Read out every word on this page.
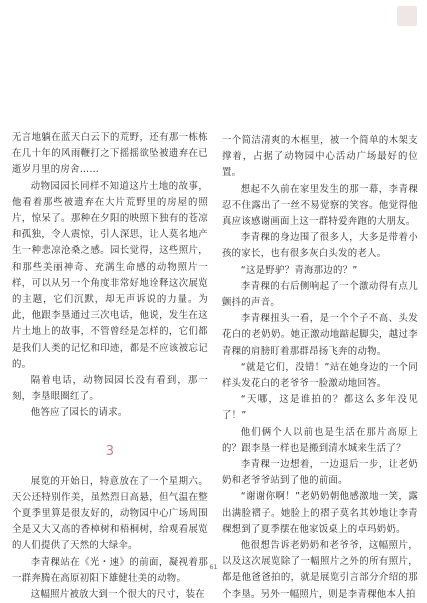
无言地躺在蓝天白云下的荒野，还有那一栋栋在几十年的风雨鞭打之下摇摇欲坠被遗弃在已逝岁月里的房舍……

动物园园长同样不知道这片土地的故事，他看着那些被遗弃在大片荒野里的房屋的照片，惊呆了。那种在夕阳的映照下独有的苍凉和孤独，令人震惊，引人深思，让人莫名地产生一种悲凉沧桑之感。园长觉得，这些照片，和那些美丽神奇、充满生命感的动物照片一样，可以从另一个角度非常好地诠释这次展览的主题，它们沉默，却无声诉说的力量。为此，他跟李垦通过三次电话，他说，发生在这片土地上的故事，不管曾经是怎样的，它们都是我们人类的记忆和印迹，都是不应该被忘记的。

隔着电话，动物园园长没有看到，那一刻，李垦眼圈红了。

他答应了园长的请求。

3

展览的开始日，特意放在了一个星期六。天公还特别作美，虽然烈日高悬，但气温在整个夏季里算是很友好的，动物园中心广场周围全是又大又高的香樟树和梧桐树，给观看展览的人们提供了天然的大绿伞。

李青稞站在《光・速》的前面，凝视着那一群奔腾在高原初阳下雄健壮美的动物。

这幅照片被放大到一个很大的尺寸，装在

一个简洁清爽的木框里，被一个简单的木架支撑着，占据了动物园中心活动广场最好的位置。

想起不久前在家里发生的那一幕，李青稞忍不住露出了一丝不易觉察的笑容。他觉得他真应该感谢画面上这一群特爱奔跑的大朋友。

李青稞的身边围了很多人，大多是带着小孩的家长，也有很多灰白头发的老人。

“这是野驴？青海那边的？”

李青稞的右后侧响起了一个激动得有点儿颤抖的声音。

李青稞扭头一看，是一个个子不高、头发花白的老奶奶。她正激动地踮起脚尖，越过李青稞的肩膀盯着那群昂扬飞奔的动物。

“就是它们，没错！”站在她身边的一个同样头发花白的老爷爷一脸激动地回答。

“天哪，这是谁拍的？都这么多年没见了！”

他们俩个人以前也是生活在那片高原上的？跟李垦一样也是搬到清水城来生活了？

李青稞一边想着，一边退后一步，让老奶奶和老爷爷站到了他的前面。

“谢谢你啊！”老奶奶朝他感激地一笑，露出满脸褶子。她脸上的褶子莫名其妙地让李青稞想到了夏季摆在他家饭桌上的卓玛奶奶。

他很想告诉老奶奶和老爷爷，这幅照片，以及这次展览除了一幅照片之外的所有照片，都是他爸爸拍的，就是展览引言部分介绍的那个李垦。另外一幅照片，则是李青稞他本人拍

61
